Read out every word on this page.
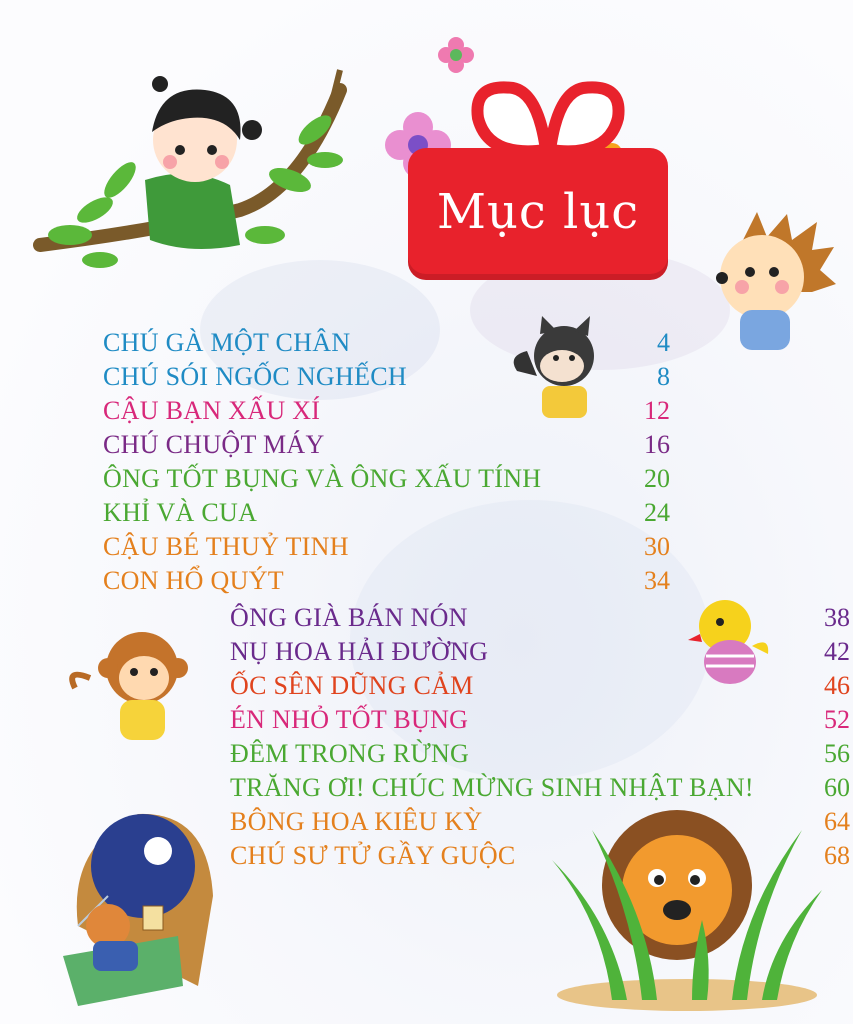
Mục lục
CHÚ GÀ MỘT CHÂN	4
CHÚ SÓI NGỐC NGHẾCH	8
CẬU BẠN XẤU XÍ	12
CHÚ CHUỘT MÁY	16
ÔNG TỐT BỤNG VÀ ÔNG XẤU TÍNH	20
KHỈ VÀ CUA	24
CẬU BÉ THUỶ TINH	30
CON HỔ QUÝT	34
ÔNG GIÀ BÁN NÓN	38
NỤ HOA HẢI ĐƯỜNG	42
ỐC SÊN DŨNG CẢM	46
ÉN NHỎ TỐT BỤNG	52
ĐÊM TRONG RỪNG	56
TRĂNG ƠI! CHÚC MỪNG SINH NHẬT BẠN!	60
BÔNG HOA KIÊU KỲ	64
CHÚ SƯ TỬ GẦY GUỘC	68
